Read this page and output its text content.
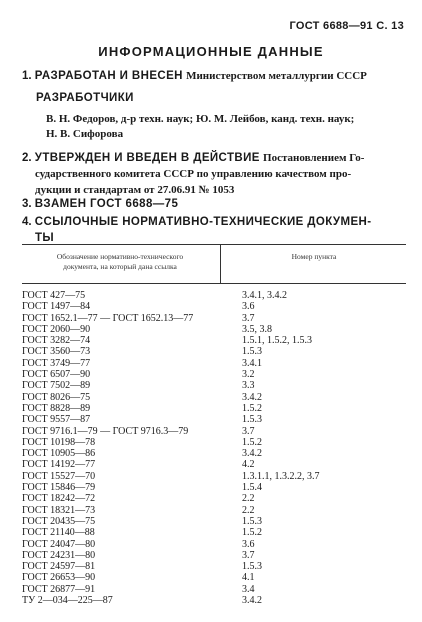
ГОСТ 6688—91 С. 13
ИНФОРМАЦИОННЫЕ ДАННЫЕ
1. РАЗРАБОТАН И ВНЕСЕН Министерством металлургии СССР
РАЗРАБОТЧИКИ
В. Н. Федоров, д-р техн. наук; Ю. М. Лейбов, канд. техн. наук;
Н. В. Сифорова
2. УТВЕРЖДЕН И ВВЕДЕН В ДЕЙСТВИЕ Постановлением Го-
сударственного комитета СССР по управлению качеством про-
дукции и стандартам от 27.06.91 № 1053
3. ВЗАМЕН ГОСТ 6688—75
4. ССЫЛОЧНЫЕ НОРМАТИВНО-ТЕХНИЧЕСКИЕ ДОКУМЕН-
ТЫ
Обозначение нормативно-технического
документа, на который дана ссылка
Номер пункта
ГОСТ 427—75	3.4.1, 3.4.2
ГОСТ 1497—84	3.6
ГОСТ 1652.1—77 — ГОСТ 1652.13—77	3.7
ГОСТ 2060—90	3.5, 3.8
ГОСТ 3282—74	1.5.1, 1.5.2, 1.5.3
ГОСТ 3560—73	1.5.3
ГОСТ 3749—77	3.4.1
ГОСТ 6507—90	3.2
ГОСТ 7502—89	3.3
ГОСТ 8026—75	3.4.2
ГОСТ 8828—89	1.5.2
ГОСТ 9557—87	1.5.3
ГОСТ 9716.1—79 — ГОСТ 9716.3—79	3.7
ГОСТ 10198—78	1.5.2
ГОСТ 10905—86	3.4.2
ГОСТ 14192—77	4.2
ГОСТ 15527—70	1.3.1.1, 1.3.2.2, 3.7
ГОСТ 15846—79	1.5.4
ГОСТ 18242—72	2.2
ГОСТ 18321—73	2.2
ГОСТ 20435—75	1.5.3
ГОСТ 21140—88	1.5.2
ГОСТ 24047—80	3.6
ГОСТ 24231—80	3.7
ГОСТ 24597—81	1.5.3
ГОСТ 26653—90	4.1
ГОСТ 26877—91	3.4
ТУ 2—034—225—87	3.4.2
